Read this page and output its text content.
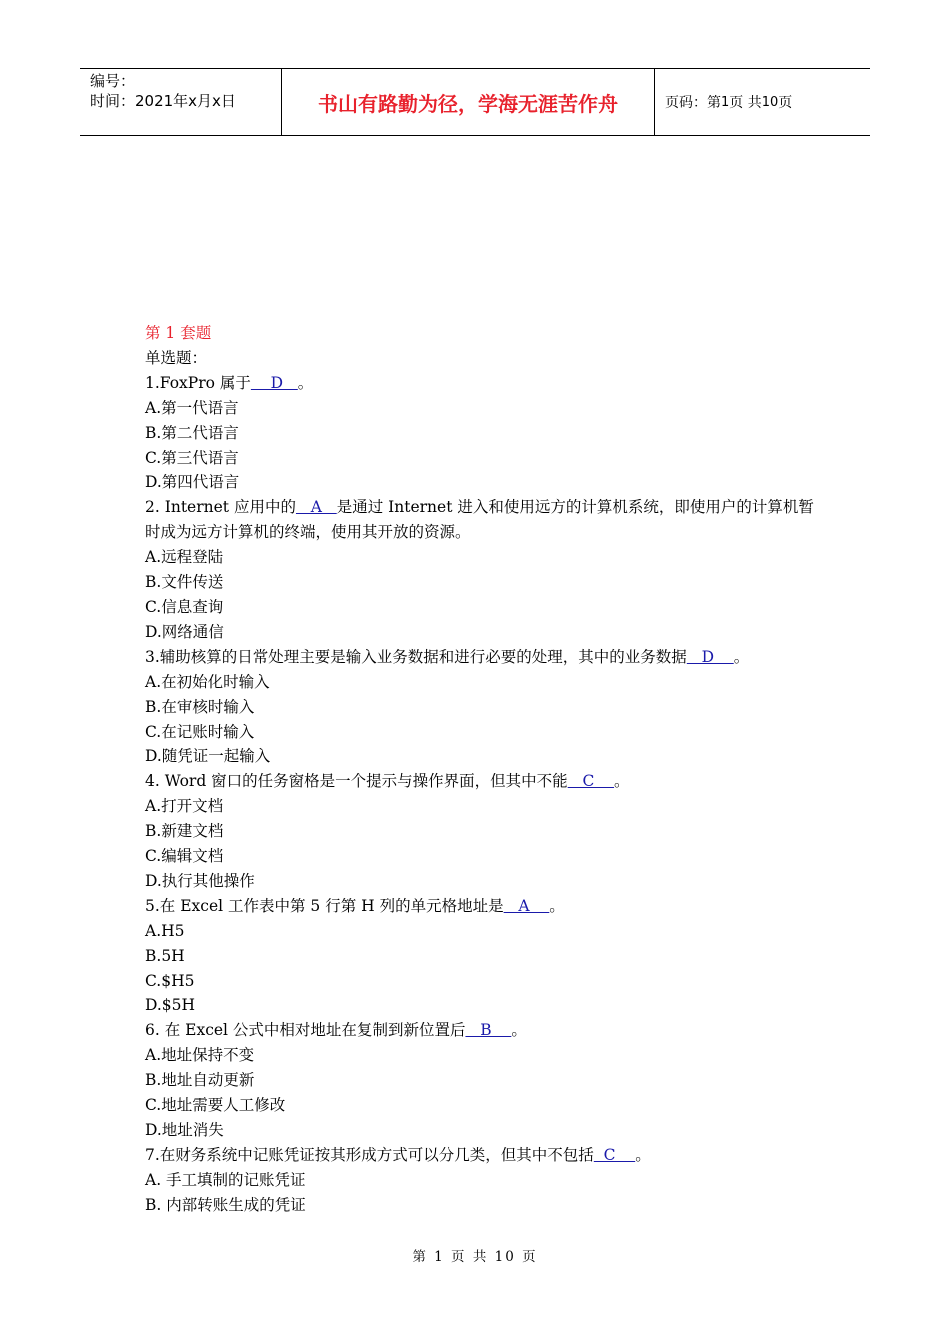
编号：
时间：2021年x月x日	书山有路勤为径，学海无涯苦作舟	页码：第 1 页 共 10 页
第 1 套题
单选题：
1.FoxPro 属于    D   。
A.第一代语言
B.第二代语言
C.第三代语言
D.第四代语言
2. Internet 应用中的   A   是通过 Internet 进入和使用远方的计算机系统，即使用户的计算机暂时成为远方计算机的终端，使用其开放的资源。
A.远程登陆
B.文件传送
C.信息查询
D.网络通信
3.辅助核算的日常处理主要是输入业务数据和进行必要的处理，其中的业务数据   D    。
A.在初始化时输入
B.在审核时输入
C.在记账时输入
D.随凭证一起输入
4. Word 窗口的任务窗格是一个提示与操作界面，但其中不能   C    。
A.打开文档
B.新建文档
C.编辑文档
D.执行其他操作
5.在 Excel 工作表中第 5 行第 H 列的单元格地址是   A    。
A.H5
B.5H
C.$H5
D.$5H
6. 在 Excel 公式中相对地址在复制到新位置后   B    。
A.地址保持不变
B.地址自动更新
C.地址需要人工修改
D.地址消失
7.在财务系统中记账凭证按其形成方式可以分几类，但其中不包括  C    。
A. 手工填制的记账凭证
B. 内部转账生成的凭证
第 1 页 共 10 页
